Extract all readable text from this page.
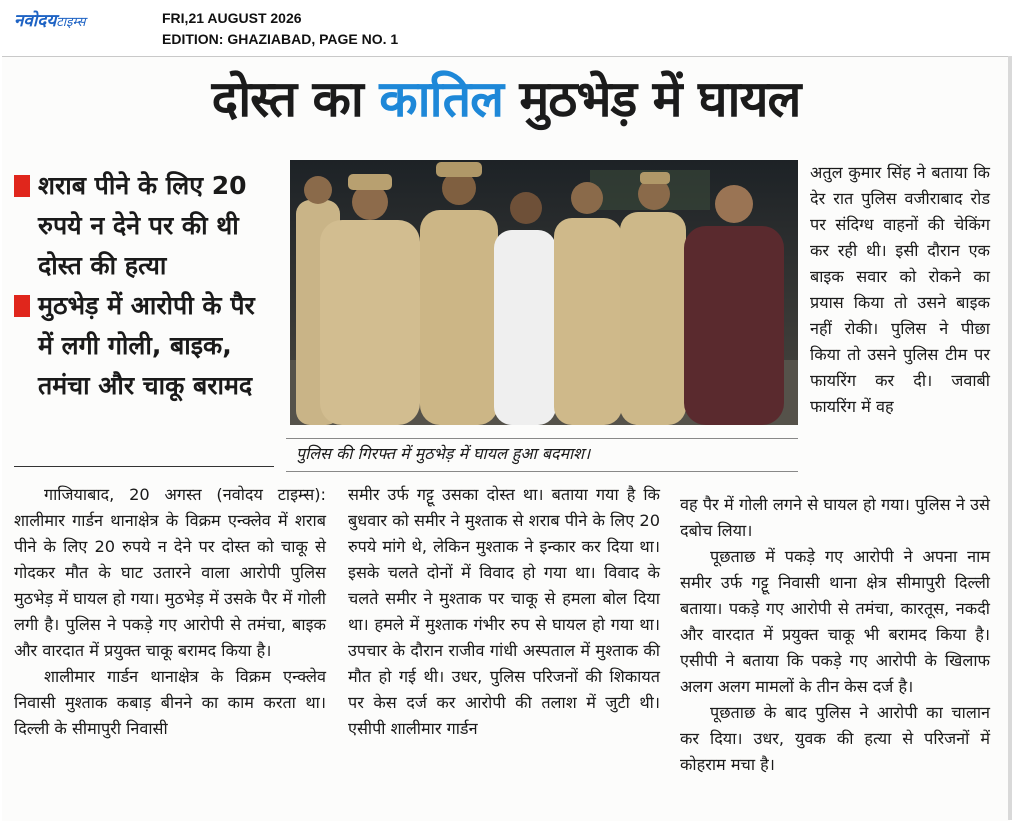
नवोदयटाइम्स	FRI,21 AUGUST 2026
EDITION: GHAZIABAD, PAGE NO. 1
दोस्त का कातिल मुठभेड़ में घायल
शराब पीने के लिए 20 रुपये न देने पर की थी दोस्त की हत्या
मुठभेड़ में आरोपी के पैर में लगी गोली, बाइक, तमंचा और चाकू बरामद
पुलिस की गिरफ्त में मुठभेड़ में घायल हुआ बदमाश।

गाजियाबाद, 20 अगस्त (नवोदय टाइम्स): शालीमार गार्डन थानाक्षेत्र के विक्रम एन्क्लेव में शराब पीने के लिए 20 रुपये न देने पर दोस्त को चाकू से गोदकर मौत के घाट उतारने वाला आरोपी पुलिस मुठभेड़ में घायल हो गया। मुठभेड़ में उसके पैर में गोली लगी है। पुलिस ने पकड़े गए आरोपी से तमंचा, बाइक और वारदात में प्रयुक्त चाकू बरामद किया है।

शालीमार गार्डन थानाक्षेत्र के विक्रम एन्क्लेव निवासी मुश्ताक कबाड़ बीनने का काम करता था। दिल्ली के सीमापुरी निवासी

समीर उर्फ गट्टू उसका दोस्त था। बताया गया है कि बुधवार को समीर ने मुश्ताक से शराब पीने के लिए 20 रुपये मांगे थे, लेकिन मुश्ताक ने इन्कार कर दिया था। इसके चलते दोनों में विवाद हो गया था। विवाद के चलते समीर ने मुश्ताक पर चाकू से हमला बोल दिया था। हमले में मुश्ताक गंभीर रुप से घायल हो गया था। उपचार के दौरान राजीव गांधी अस्पताल में मुश्ताक की मौत हो गई थी। उधर, पुलिस परिजनों की शिकायत पर केस दर्ज कर आरोपी की तलाश में जुटी थी। एसीपी शालीमार गार्डन

अतुल कुमार सिंह ने बताया कि देर रात पुलिस वजीराबाद रोड पर संदिग्ध वाहनों की चेकिंग कर रही थी। इसी दौरान एक बाइक सवार को रोकने का प्रयास किया तो उसने बाइक नहीं रोकी। पुलिस ने पीछा किया तो उसने पुलिस टीम पर फायरिंग कर दी। जवाबी फायरिंग में वह

वह पैर में गोली लगने से घायल हो गया। पुलिस ने उसे दबोच लिया।

पूछताछ में पकड़े गए आरोपी ने अपना नाम समीर उर्फ गट्टू निवासी थाना क्षेत्र सीमापुरी दिल्ली बताया। पकड़े गए आरोपी से तमंचा, कारतूस, नकदी और वारदात में प्रयुक्त चाकू भी बरामद किया है। एसीपी ने बताया कि पकड़े गए आरोपी के खिलाफ अलग अलग मामलों के तीन केस दर्ज है।

पूछताछ के बाद पुलिस ने आरोपी का चालान कर दिया। उधर, युवक की हत्या से परिजनों में कोहराम मचा है।
